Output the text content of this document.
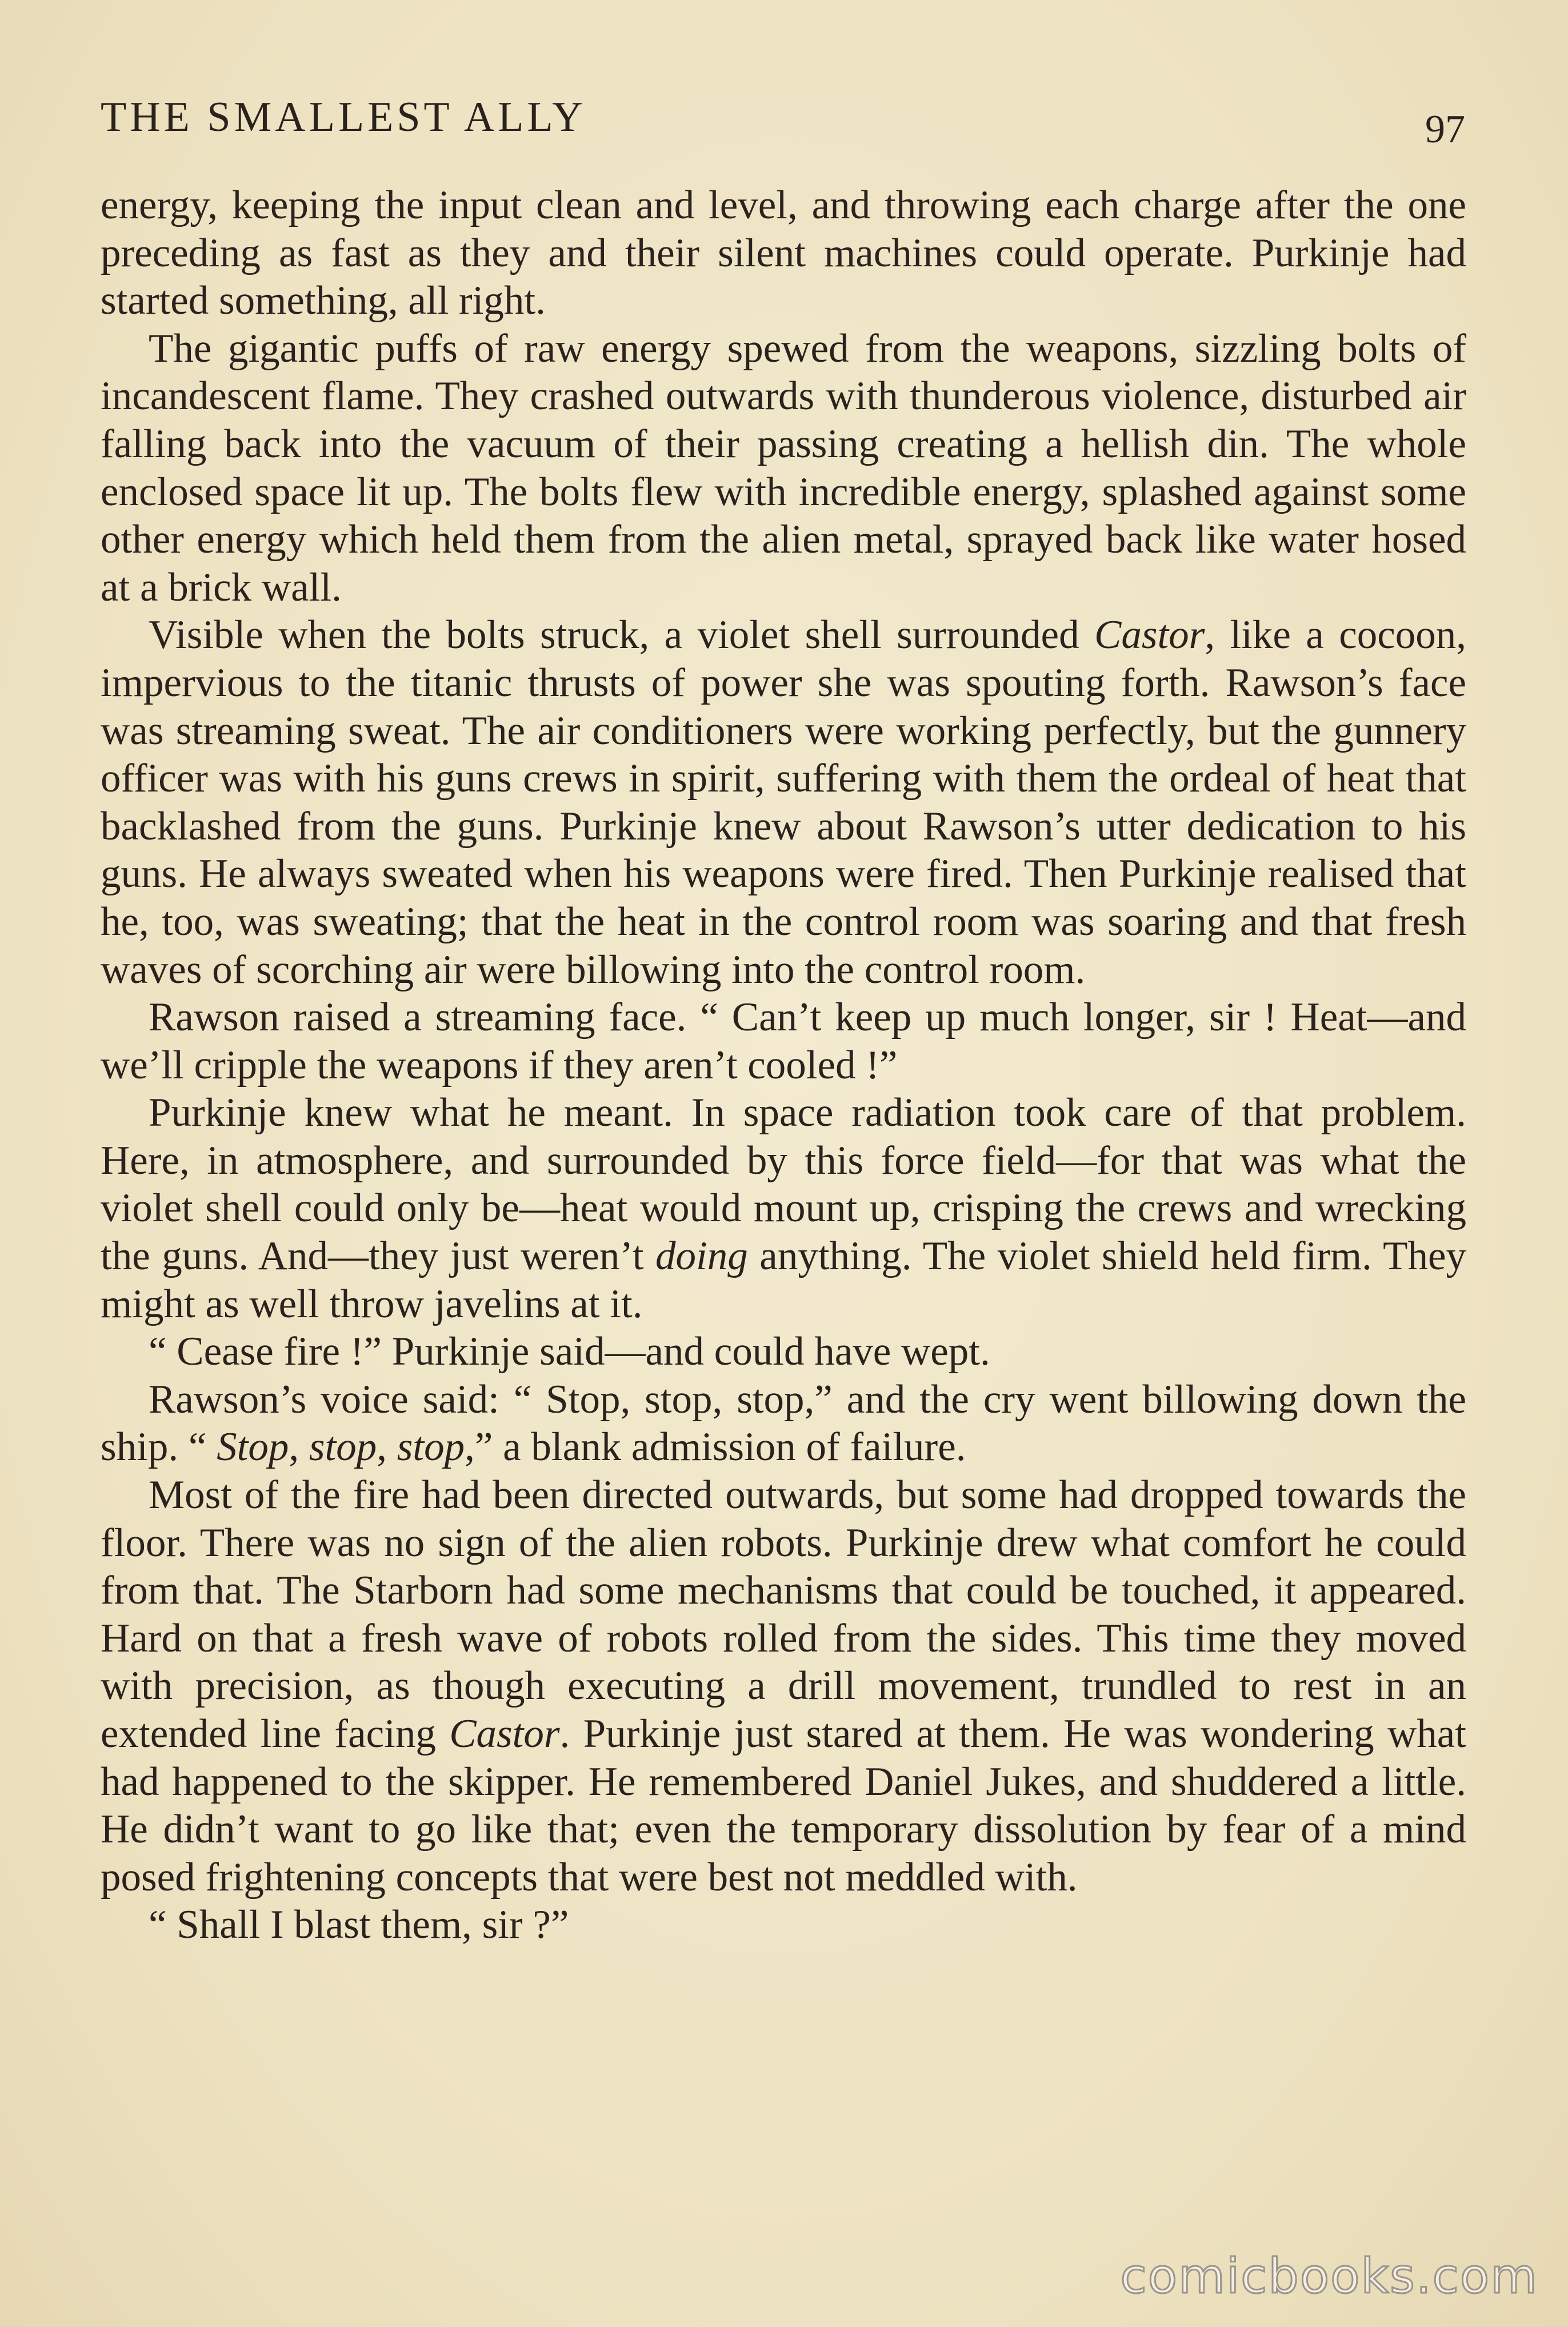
THE SMALLEST ALLY	97

energy, keeping the input clean and level, and throwing each charge after the one preceding as fast as they and their silent machines could operate. Purkinje had started something, all right.

The gigantic puffs of raw energy spewed from the weapons, sizzling bolts of incandescent flame. They crashed outwards with thunderous violence, disturbed air falling back into the vacuum of their passing creating a hellish din. The whole enclosed space lit up. The bolts flew with incredible energy, splashed against some other energy which held them from the alien metal, sprayed back like water hosed at a brick wall.

Visible when the bolts struck, a violet shell surrounded Castor, like a cocoon, impervious to the titanic thrusts of power she was spouting forth. Rawson’s face was streaming sweat. The air conditioners were working perfectly, but the gunnery officer was with his guns crews in spirit, suffering with them the ordeal of heat that backlashed from the guns. Purkinje knew about Rawson’s utter dedication to his guns. He always sweated when his weapons were fired. Then Purkinje realised that he, too, was sweating; that the heat in the control room was soaring and that fresh waves of scorching air were billowing into the control room.

Rawson raised a streaming face. “ Can’t keep up much longer, sir ! Heat—and we’ll cripple the weapons if they aren’t cooled !”

Purkinje knew what he meant. In space radiation took care of that problem. Here, in atmosphere, and surrounded by this force field—for that was what the violet shell could only be—heat would mount up, crisping the crews and wrecking the guns. And—they just weren’t doing anything. The violet shield held firm. They might as well throw javelins at it.

“ Cease fire !” Purkinje said—and could have wept.

Rawson’s voice said: “ Stop, stop, stop,” and the cry went billowing down the ship. “ Stop, stop, stop,” a blank admission of failure.

Most of the fire had been directed outwards, but some had dropped towards the floor. There was no sign of the alien robots. Purkinje drew what comfort he could from that. The Starborn had some mechanisms that could be touched, it appeared. Hard on that a fresh wave of robots rolled from the sides. This time they moved with precision, as though executing a drill movement, trundled to rest in an extended line facing Castor. Purkinje just stared at them. He was wondering what had happened to the skipper. He remembered Daniel Jukes, and shuddered a little. He didn’t want to go like that; even the temporary dissolution by fear of a mind posed frightening concepts that were best not meddled with.

“ Shall I blast them, sir ?”

comicbooks.com
